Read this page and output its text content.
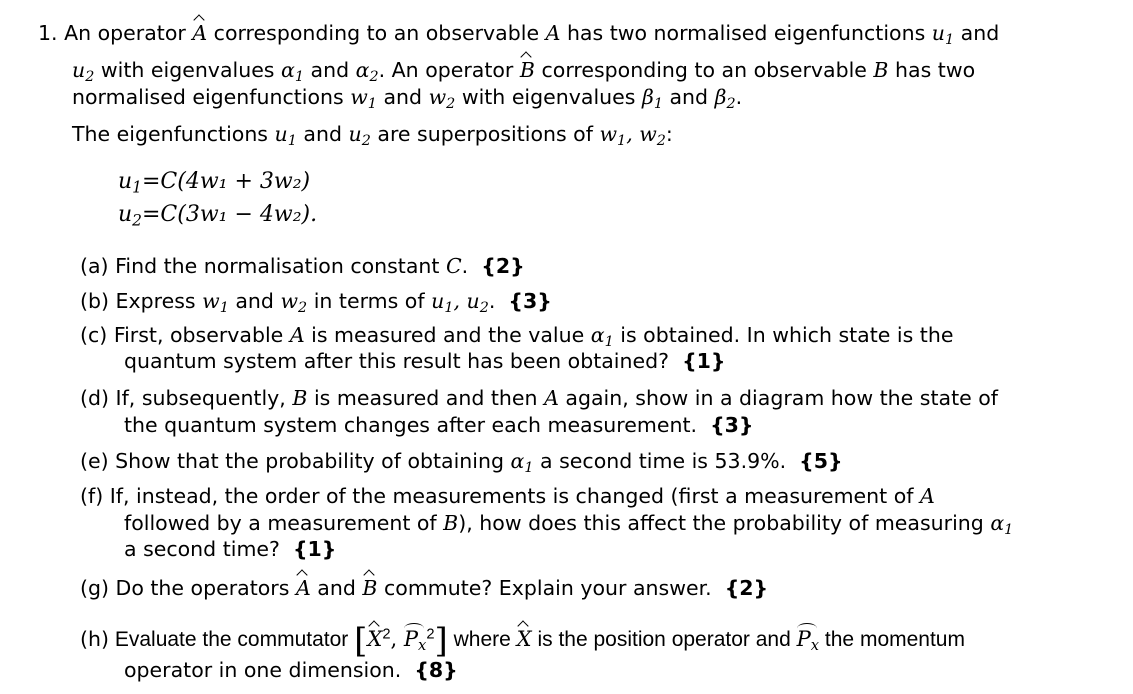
1. An operator A corresponding to an observable A has two normalised eigenfunctions $u_1$ and
$u_2$ with eigenvalues $\alpha_1$ and $\alpha_2$. An operator B corresponding to an observable B has two
normalised eigenfunctions $w_1$ and $w_2$ with eigenvalues $\beta_1$ and $\beta_2$.
The eigenfunctions $u_1$ and $u_2$ are superpositions of $w_1$, $w_2$:
$u_1=C(4w_1 + 3w_2)$
$u_2=C(3w_1 - 4w_2)$.
(a) Find the normalisation constant C.  {2}
(b) Express $w_1$ and $w_2$ in terms of $u_1$, $u_2$.  {3}
(c) First, observable A is measured and the value $\alpha_1$ is obtained. In which state is the
quantum system after this result has been obtained? {1}
(d) If, subsequently, B is measured and then A again, show in a diagram how the state of
the quantum system changes after each measurement. {3}
(e) Show that the probability of obtaining $\alpha_1$ a second time is 53.9%. {5}
(f) If, instead, the order of the measurements is changed (first a measurement of A
followed by a measurement of B), how does this affect the probability of measuring $\alpha_1$
a second time? {1}
(g) Do the operators A and B commute? Explain your answer. {2}
(h) Evaluate the commutator [$X^2$, $P_x^2$] where X is the position operator and $P_x$ the momentum
operator in one dimension. {8}
